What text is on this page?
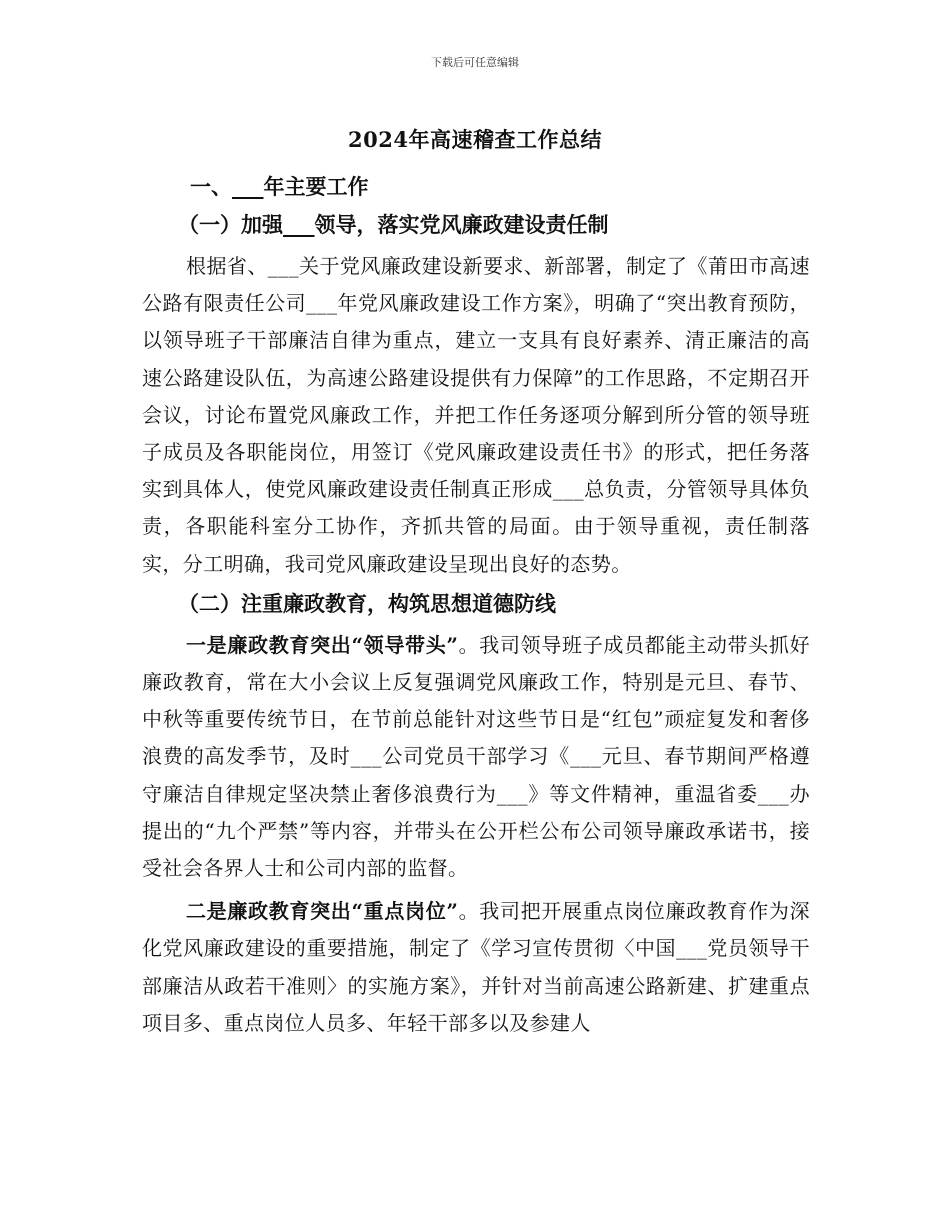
下载后可任意编辑
2024年高速稽查工作总结
一、___年主要工作
（一）加强___领导，落实党风廉政建设责任制

根据省、___关于党风廉政建设新要求、新部署，制定了《莆田市高速公路有限责任公司___年党风廉政建设工作方案》，明确了“突出教育预防，以领导班子干部廉洁自律为重点，建立一支具有良好素养、清正廉洁的高速公路建设队伍，为高速公路建设提供有力保障”的工作思路，不定期召开会议，讨论布置党风廉政工作，并把工作任务逐项分解到所分管的领导班子成员及各职能岗位，用签订《党风廉政建设责任书》的形式，把任务落实到具体人，使党风廉政建设责任制真正形成___总负责，分管领导具体负责，各职能科室分工协作，齐抓共管的局面。由于领导重视，责任制落实，分工明确，我司党风廉政建设呈现出良好的态势。

（二）注重廉政教育，构筑思想道德防线

一是廉政教育突出“领导带头”。我司领导班子成员都能主动带头抓好廉政教育，常在大小会议上反复强调党风廉政工作，特别是元旦、春节、中秋等重要传统节日，在节前总能针对这些节日是“红包”顽症复发和奢侈浪费的高发季节，及时___公司党员干部学习《___元旦、春节期间严格遵守廉洁自律规定坚决禁止奢侈浪费行为___》等文件精神，重温省委___办提出的“九个严禁”等内容，并带头在公开栏公布公司领导廉政承诺书，接受社会各界人士和公司内部的监督。

二是廉政教育突出“重点岗位”。我司把开展重点岗位廉政教育作为深化党风廉政建设的重要措施，制定了《学习宣传贯彻〈中国___党员领导干部廉洁从政若干准则〉的实施方案》，并针对当前高速公路新建、扩建重点项目多、重点岗位人员多、年轻干部多以及参建人
